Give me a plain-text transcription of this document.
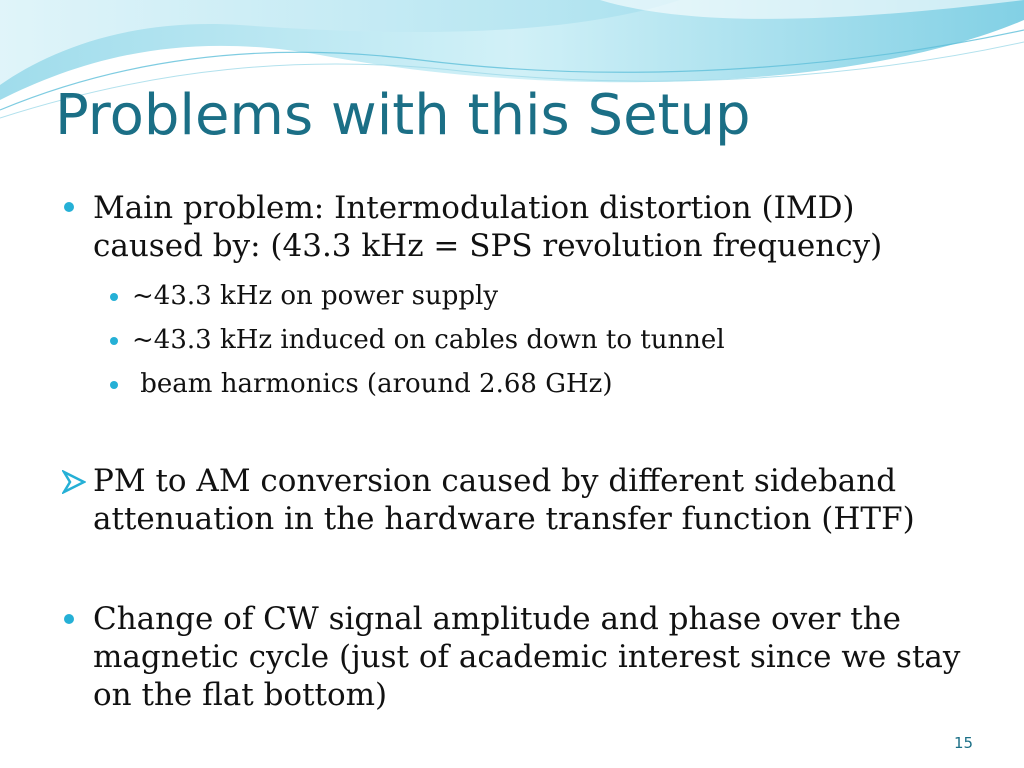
Problems with this Setup
Main problem: Intermodulation distortion (IMD) caused by: (43.3 kHz = SPS revolution frequency)
~43.3 kHz on power supply
~43.3 kHz induced on cables down to tunnel
beam harmonics (around 2.68 GHz)
PM to AM conversion caused by different sideband attenuation in the hardware transfer function (HTF)
Change of CW signal amplitude and phase over the magnetic cycle (just of academic interest since we stay on the flat bottom)
15
